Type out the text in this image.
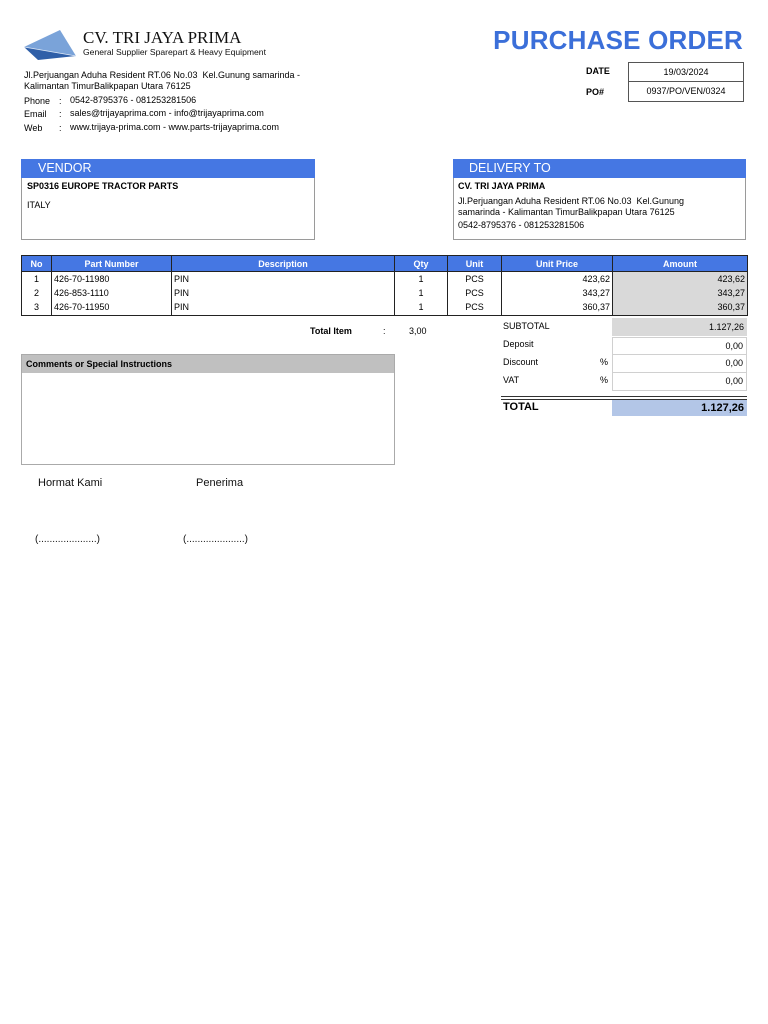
CV. TRI JAYA PRIMA
General Supplier Sparepart & Heavy Equipment	PURCHASE ORDER
Jl.Perjuangan Aduha Resident RT.06 No.03  Kel.Gunung samarinda -
Kalimantan TimurBalikpapan Utara 76125
Phone : 0542-8795376 - 081253281506
Email : sales@trijayaprima.com - info@trijayaprima.com
Web : www.trijaya-prima.com - www.parts-trijayaprima.com
DATE	19/03/2024
PO#	0937/PO/VEN/0324
VENDOR
SP0316 EUROPE TRACTOR PARTS
ITALY
DELIVERY TO
CV. TRI JAYA PRIMA
Jl.Perjuangan Aduha Resident RT.06 No.03  Kel.Gunung
samarinda - Kalimantan TimurBalikpapan Utara 76125
0542-8795376 - 081253281506
No	Part Number	Description	Qty	Unit	Unit Price	Amount
1	426-70-11980	PIN	1	PCS	423,62	423,62
2	426-853-1110	PIN	1	PCS	343,27	343,27
3	426-70-11950	PIN	1	PCS	360,37	360,37
Total Item	:	3,00	SUBTOTAL	1.127,26
Deposit	0,00
Discount	%	0,00
VAT	%	0,00
TOTAL	1.127,26
Comments or Special Instructions
Hormat Kami	Penerima
(.....................)	(.....................)
